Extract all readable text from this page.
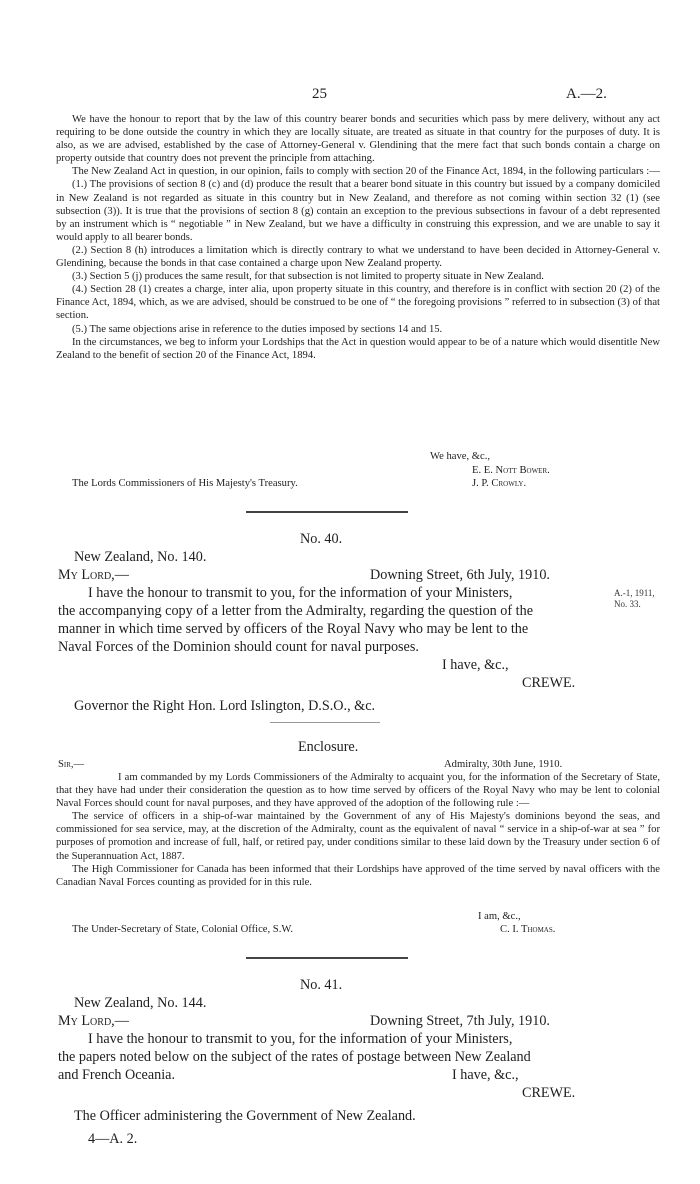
25	A.—2.

We have the honour to report that by the law of this country bearer bonds and securities which pass by mere delivery, without any act requiring to be done outside the country in which they are locally situate, are treated as situate in that country for the purposes of duty. It is also, as we are advised, established by the case of Attorney-General v. Glendining that the mere fact that such bonds contain a charge on property outside that country does not prevent the principle from attaching.

The New Zealand Act in question, in our opinion, fails to comply with section 20 of the Finance Act, 1894, in the following particulars :—

(1.) The provisions of section 8 (c) and (d) produce the result that a bearer bond situate in this country but issued by a company domiciled in New Zealand is not regarded as situate in this country but in New Zealand, and therefore as not coming within section 32 (1) (see subsection (3)). It is true that the provisions of section 8 (g) contain an exception to the previous subsections in favour of a debt represented by an instrument which is “ negotiable ” in New Zealand, but we have a difficulty in construing this expression, and we are unable to say it would apply to all bearer bonds.

(2.) Section 8 (h) introduces a limitation which is directly contrary to what we understand to have been decided in Attorney-General v. Glendining, because the bonds in that case contained a charge upon New Zealand property.

(3.) Section 5 (j) produces the same result, for that subsection is not limited to property situate in New Zealand.

(4.) Section 28 (1) creates a charge, inter alia, upon property situate in this country, and therefore is in conflict with section 20 (2) of the Finance Act, 1894, which, as we are advised, should be construed to be one of “ the foregoing provisions ” referred to in subsection (3) of that section.

(5.) The same objections arise in reference to the duties imposed by sections 14 and 15.

In the circumstances, we beg to inform your Lordships that the Act in question would appear to be of a nature which would disentitle New Zealand to the benefit of section 20 of the Finance Act, 1894.

We have, &c.,
E. E. Nott Bower.
The Lords Commissioners of His Majesty's Treasury.	J. P. Crowly.
No. 40.
New Zealand, No. 140.
My Lord,—	Downing Street, 6th July, 1910.
I have the honour to transmit to you, for the information of your Ministers,
the accompanying copy of a letter from the Admiralty, regarding the question of the
manner in which time served by officers of the Royal Navy who may be lent to the
Naval Forces of the Dominion should count for naval purposes.
A.-1, 1911,
No. 33.
I have, &c.,
CREWE.
Governor the Right Hon. Lord Islington, D.S.O., &c.
Enclosure.
Sir,—	Admiralty, 30th June, 1910.

I am commanded by my Lords Commissioners of the Admiralty to acquaint you, for the information of the Secretary of State, that they have had under their consideration the question as to how time served by officers of the Royal Navy who may be lent to colonial Naval Forces should count for naval purposes, and they have approved of the adoption of the following rule :—

The service of officers in a ship-of-war maintained by the Government of any of His Majesty's dominions beyond the seas, and commissioned for sea service, may, at the discretion of the Admiralty, count as the equivalent of naval “ service in a ship-of-war at sea ” for purposes of promotion and increase of full, half, or retired pay, under conditions similar to these laid down by the Treasury under section 6 of the Superannuation Act, 1887.

The High Commissioner for Canada has been informed that their Lordships have approved of the time served by naval officers with the Canadian Naval Forces counting as provided for in this rule.

I am, &c.,
The Under-Secretary of State, Colonial Office, S.W.	C. I. Thomas.
No. 41.
New Zealand, No. 144.
My Lord,—	Downing Street, 7th July, 1910.
I have the honour to transmit to you, for the information of your Ministers,
the papers noted below on the subject of the rates of postage between New Zealand
and French Oceania.	I have, &c.,
CREWE.
The Officer administering the Government of New Zealand.
4—A. 2.
